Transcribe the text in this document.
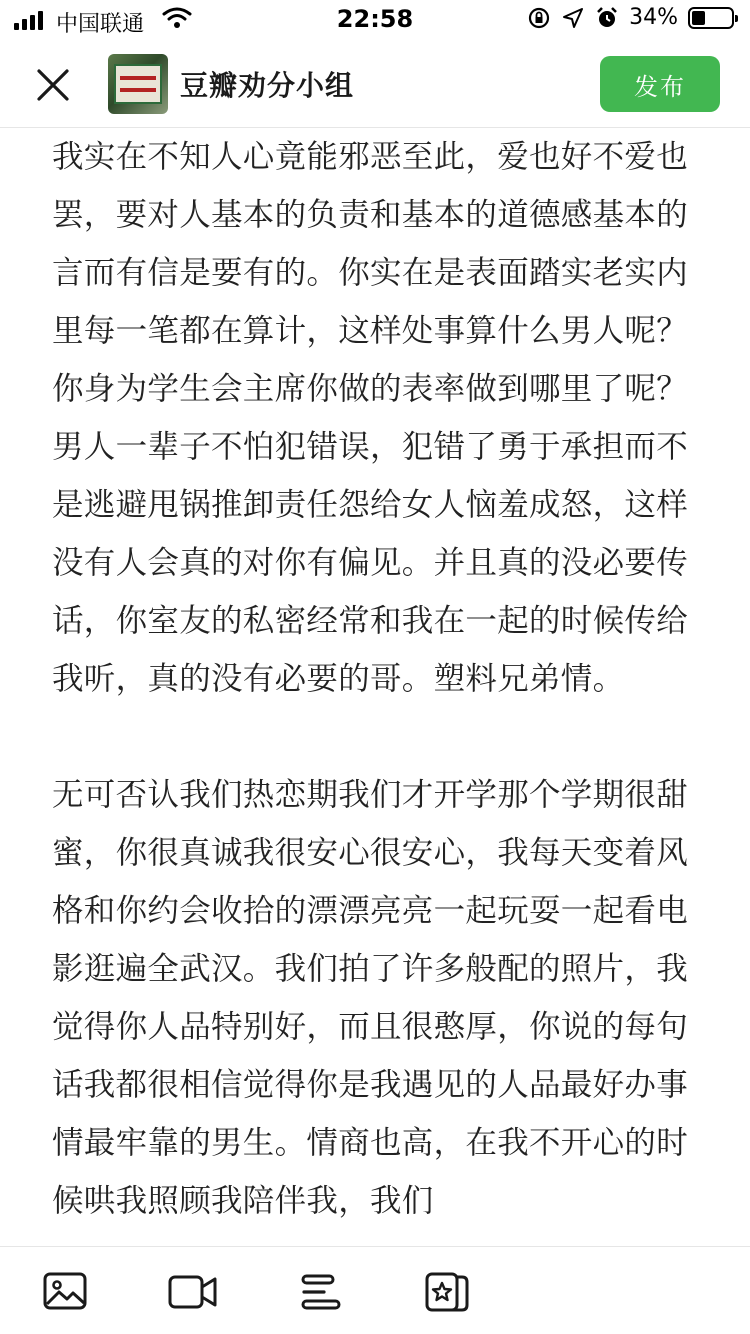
中国联通	22:58	34%
豆瓣劝分小组	发布

我实在不知人心竟能邪恶至此，爱也好不爱也罢，要对人基本的负责和基本的道德感基本的言而有信是要有的。你实在是表面踏实老实内里每一笔都在算计，这样处事算什么男人呢？你身为学生会主席你做的表率做到哪里了呢？男人一辈子不怕犯错误，犯错了勇于承担而不是逃避甩锅推卸责任怨给女人恼羞成怒，这样没有人会真的对你有偏见。并且真的没必要传话，你室友的私密经常和我在一起的时候传给我听，真的没有必要的哥。塑料兄弟情。

无可否认我们热恋期我们才开学那个学期很甜蜜，你很真诚我很安心很安心，我每天变着风格和你约会收拾的漂漂亮亮一起玩耍一起看电影逛遍全武汉。我们拍了许多般配的照片，我觉得你人品特别好，而且很憨厚，你说的每句话我都很相信觉得你是我遇见的人品最好办事情最牢靠的男生。情商也高，在我不开心的时候哄我照顾我陪伴我，我们
